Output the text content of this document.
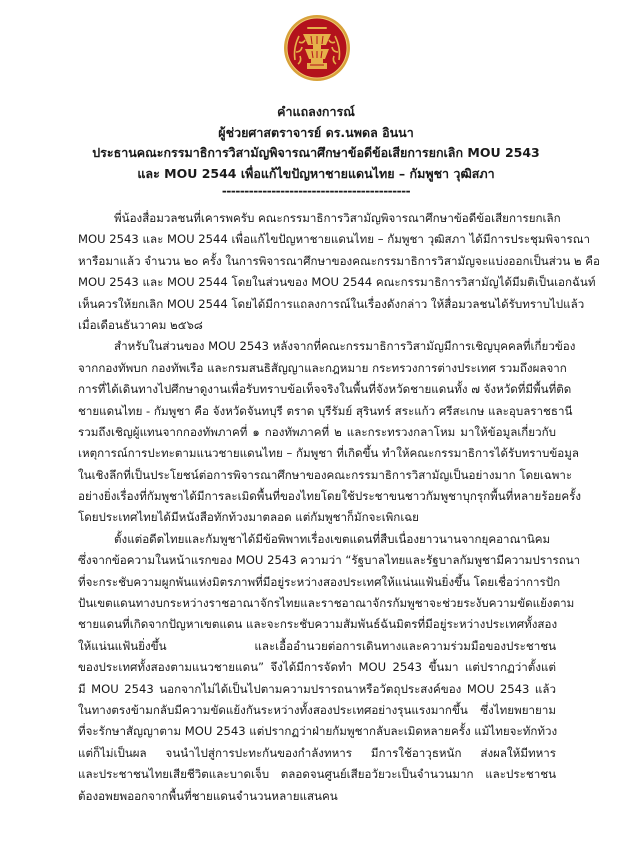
คำแถลงการณ์
ผู้ช่วยศาสตราจารย์ ดร.นพดล อินนา
ประธานคณะกรรมาธิการวิสามัญพิจารณาศึกษาข้อดีข้อเสียการยกเลิก MOU 2543
และ MOU 2544 เพื่อแก้ไขปัญหาชายแดนไทย – กัมพูชา วุฒิสภา
------------------------------------------
พี่น้องสื่อมวลชนที่เคารพครับ คณะกรรมาธิการวิสามัญพิจารณาศึกษาข้อดีข้อเสียการยกเลิก
MOU 2543 และ MOU 2544 เพื่อแก้ไขปัญหาชายแดนไทย – กัมพูชา วุฒิสภา ได้มีการประชุมพิจารณา
หารือมาแล้ว จำนวน ๒๐ ครั้ง ในการพิจารณาศึกษาของคณะกรรมาธิการวิสามัญจะแบ่งออกเป็นส่วน ๒ คือ
MOU 2543 และ MOU 2544 โดยในส่วนของ MOU 2544 คณะกรรมาธิการวิสามัญได้มีมติเป็นเอกฉันท์
เห็นควรให้ยกเลิก MOU 2544 โดยได้มีการแถลงการณ์ในเรื่องดังกล่าว ให้สื่อมวลชนได้รับทราบไปแล้ว
เมื่อเดือนธันวาคม ๒๕๖๘
สำหรับในส่วนของ MOU 2543 หลังจากที่คณะกรรมาธิการวิสามัญมีการเชิญบุคคลที่เกี่ยวข้อง
จากกองทัพบก กองทัพเรือ และกรมสนธิสัญญาและกฎหมาย กระทรวงการต่างประเทศ รวมถึงผลจาก
การที่ได้เดินทางไปศึกษาดูงานเพื่อรับทราบข้อเท็จจริงในพื้นที่จังหวัดชายแดนทั้ง ๗ จังหวัดที่มีพื้นที่ติด
ชายแดนไทย - กัมพูชา คือ จังหวัดจันทบุรี ตราด บุรีรัมย์ สุรินทร์ สระแก้ว ศรีสะเกษ และอุบลราชธานี
รวมถึงเชิญผู้แทนจากกองทัพภาคที่ ๑ กองทัพภาคที่ ๒ และกระทรวงกลาโหม มาให้ข้อมูลเกี่ยวกับ
เหตุการณ์การปะทะตามแนวชายแดนไทย – กัมพูชา ที่เกิดขึ้น ทำให้คณะกรรมาธิการได้รับทราบข้อมูล
ในเชิงลึกที่เป็นประโยชน์ต่อการพิจารณาศึกษาของคณะกรรมาธิการวิสามัญเป็นอย่างมาก โดยเฉพาะ
อย่างยิ่งเรื่องที่กัมพูชาได้มีการละเมิดพื้นที่ของไทยโดยใช้ประชาขนชาวกัมพูชาบุกรุกพื้นที่หลายร้อยครั้ง
โดยประเทศไทยได้มีหนังสือทักท้วงมาตลอด แต่กัมพูชาก็มักจะเพิกเฉย
ตั้งแต่อดีตไทยและกัมพูชาได้มีข้อพิพาทเรื่องเขตแดนที่สืบเนื่องยาวนานจากยุคอาณานิคม
ซึ่งจากข้อความในหน้าแรกของ MOU 2543 ความว่า “รัฐบาลไทยและรัฐบาลกัมพูชามีความปรารถนา
ที่จะกระชับความผูกพันแห่งมิตรภาพที่มีอยู่ระหว่างสองประเทศให้แน่นแฟ้นยิ่งขึ้น โดยเชื่อว่าการปัก
ปันเขตแดนทางบกระหว่างราชอาณาจักรไทยและราชอาณาจักรกัมพูชาจะช่วยระงับความขัดแย้งตาม
ชายแดนที่เกิดจากปัญหาเขตแดน และจะกระชับความสัมพันธ์ฉันมิตรที่มีอยู่ระหว่างประเทศทั้งสอง
ให้แน่นแฟ้นยิ่งขึ้น และเอื้ออำนวยต่อการเดินทางและความร่วมมือของประชาชน
ของประเทศทั้งสองตามแนวชายแดน” จึงได้มีการจัดทำ MOU 2543 ขึ้นมา แต่ปรากฏว่าตั้งแต่
มี MOU 2543 นอกจากไม่ได้เป็นไปตามความปรารถนาหรือวัตถุประสงค์ของ MOU 2543 แล้ว
ในทางตรงข้ามกลับมีความขัดแย้งกันระหว่างทั้งสองประเทศอย่างรุนแรงมากขึ้น ซึ่งไทยพยายาม
ที่จะรักษาสัญญาตาม MOU 2543 แต่ปรากฏว่าฝ่ายกัมพูชากลับละเมิดหลายครั้ง แม้ไทยจะทักท้วง
แต่ก็ไม่เป็นผล จนนำไปสู่การปะทะกันของกำลังทหาร มีการใช้อาวุธหนัก ส่งผลให้มีทหาร
และประชาชนไทยเสียชีวิตและบาดเจ็บ ตลอดจนศูนย์เสียอวัยวะเป็นจำนวนมาก และประชาชน
ต้องอพยพออกจากพื้นที่ชายแดนจำนวนหลายแสนคน
